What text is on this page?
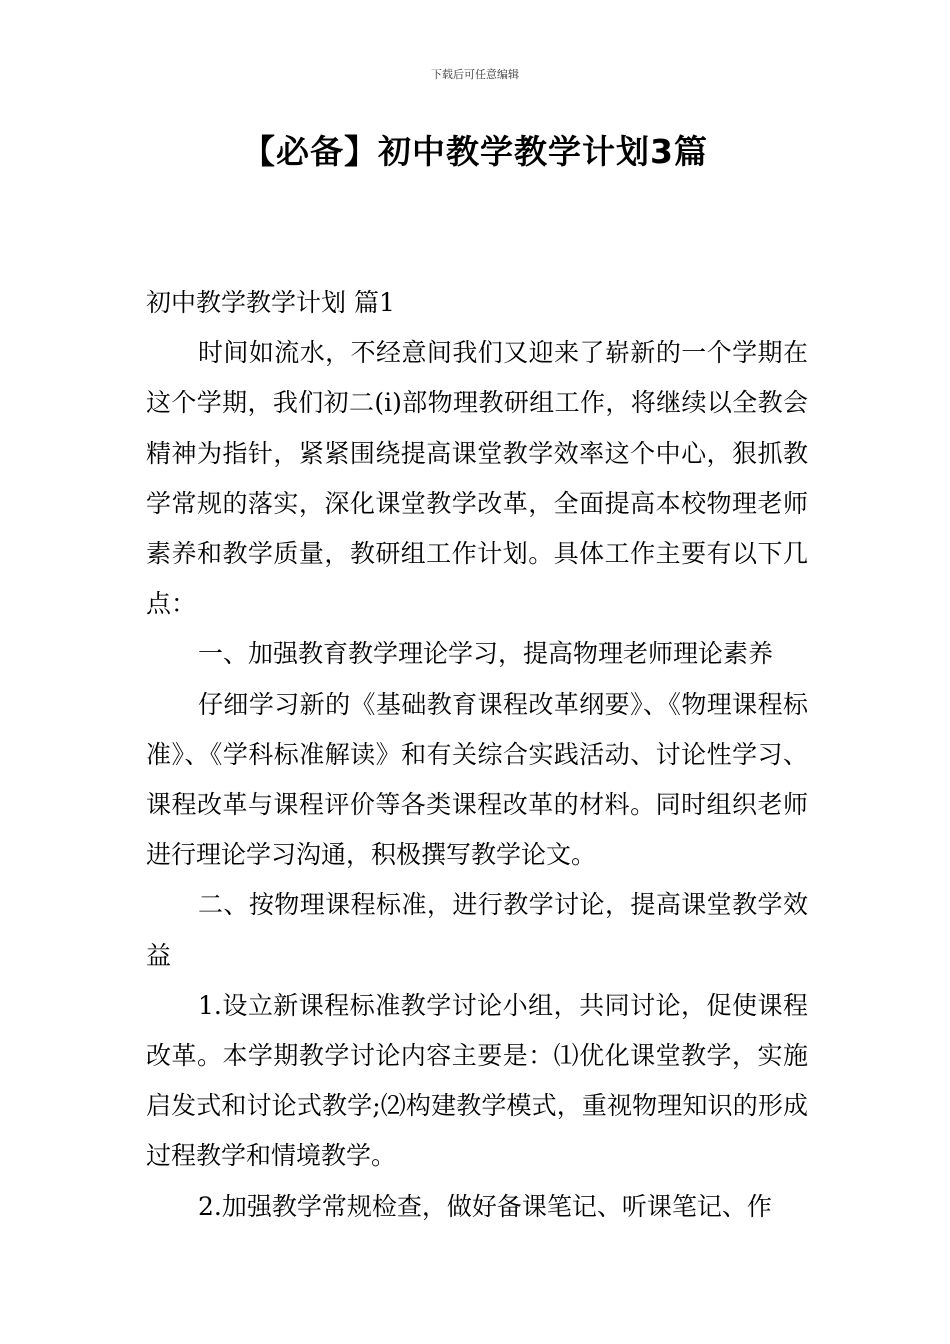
下载后可任意编辑
【必备】初中教学教学计划3篇

初中教学教学计划 篇1

时间如流水，不经意间我们又迎来了崭新的一个学期在这个学期，我们初二(i)部物理教研组工作，将继续以全教会精神为指针，紧紧围绕提高课堂教学效率这个中心，狠抓教学常规的落实，深化课堂教学改革，全面提高本校物理老师素养和教学质量，教研组工作计划。具体工作主要有以下几点：

一、加强教育教学理论学习，提高物理老师理论素养

仔细学习新的《基础教育课程改革纲要》、《物理课程标准》、《学科标准解读》和有关综合实践活动、讨论性学习、课程改革与课程评价等各类课程改革的材料。同时组织老师进行理论学习沟通，积极撰写教学论文。

二、按物理课程标准，进行教学讨论，提高课堂教学效益

1.设立新课程标准教学讨论小组，共同讨论，促使课程改革。本学期教学讨论内容主要是：⑴优化课堂教学，实施启发式和讨论式教学;⑵构建教学模式，重视物理知识的形成过程教学和情境教学。

2.加强教学常规检查，做好备课笔记、听课笔记、作
